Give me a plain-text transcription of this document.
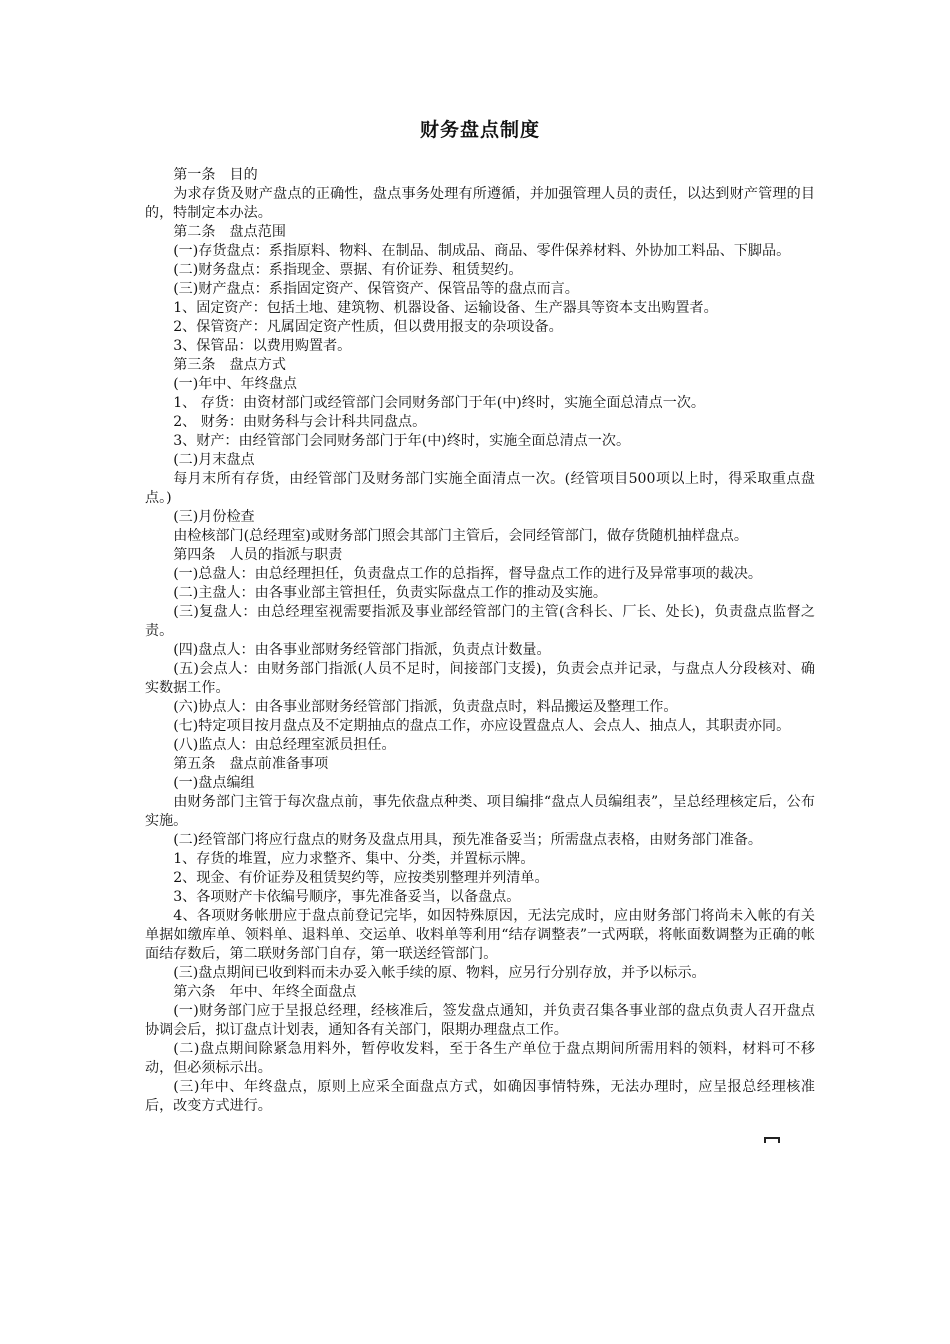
财务盘点制度

第一条　目的

为求存货及财产盘点的正确性，盘点事务处理有所遵循，并加强管理人员的责任，以达到财产管理的目的，特制定本办法。

第二条　盘点范围

(一)存货盘点：系指原料、物料、在制品、制成品、商品、零件保养材料、外协加工料品、下脚品。

(二)财务盘点：系指现金、票据、有价证券、租赁契约。

(三)财产盘点：系指固定资产、保管资产、保管品等的盘点而言。

1、固定资产：包括土地、建筑物、机器设备、运输设备、生产器具等资本支出购置者。

2、保管资产：凡属固定资产性质，但以费用报支的杂项设备。

3、保管品：以费用购置者。

第三条　盘点方式

(一)年中、年终盘点

1、 存货：由资材部门或经管部门会同财务部门于年(中)终时，实施全面总清点一次。

2、 财务：由财务科与会计科共同盘点。

3、财产：由经管部门会同财务部门于年(中)终时，实施全面总清点一次。

(二)月末盘点

每月末所有存货，由经管部门及财务部门实施全面清点一次。(经管项目500项以上时，得采取重点盘点。)

(三)月份检查

由检核部门(总经理室)或财务部门照会其部门主管后，会同经管部门，做存货随机抽样盘点。

第四条　人员的指派与职责

(一)总盘人：由总经理担任，负责盘点工作的总指挥，督导盘点工作的进行及异常事项的裁决。

(二)主盘人：由各事业部主管担任，负责实际盘点工作的推动及实施。

(三)复盘人：由总经理室视需要指派及事业部经管部门的主管(含科长、厂长、处长)，负责盘点监督之责。

(四)盘点人：由各事业部财务经管部门指派，负责点计数量。

(五)会点人：由财务部门指派(人员不足时，间接部门支援)，负责会点并记录，与盘点人分段核对、确实数据工作。

(六)协点人：由各事业部财务经管部门指派，负责盘点时，料品搬运及整理工作。

(七)特定项目按月盘点及不定期抽点的盘点工作，亦应设置盘点人、会点人、抽点人，其职责亦同。

(八)监点人：由总经理室派员担任。

第五条　盘点前准备事项

(一)盘点编组

由财务部门主管于每次盘点前，事先依盘点种类、项目编排“盘点人员编组表”，呈总经理核定后，公布实施。

(二)经管部门将应行盘点的财务及盘点用具，预先准备妥当；所需盘点表格，由财务部门准备。

1、存货的堆置，应力求整齐、集中、分类，并置标示牌。

2、现金、有价证券及租赁契约等，应按类别整理并列清单。

3、各项财产卡依编号顺序，事先准备妥当，以备盘点。

4、各项财务帐册应于盘点前登记完毕，如因特殊原因，无法完成时，应由财务部门将尚未入帐的有关单据如缴库单、领料单、退料单、交运单、收料单等利用“结存调整表”一式两联，将帐面数调整为正确的帐面结存数后，第二联财务部门自存，第一联送经管部门。

(三)盘点期间已收到料而未办妥入帐手续的原、物料，应另行分别存放，并予以标示。

第六条　年中、年终全面盘点

(一)财务部门应于呈报总经理，经核准后，签发盘点通知，并负责召集各事业部的盘点负责人召开盘点协调会后，拟订盘点计划表，通知各有关部门，限期办理盘点工作。

(二)盘点期间除紧急用料外，暂停收发料，至于各生产单位于盘点期间所需用料的领料，材料可不移动，但必须标示出。

(三)年中、年终盘点，原则上应采全面盘点方式，如确因事情特殊，无法办理时，应呈报总经理核准后，改变方式进行。
